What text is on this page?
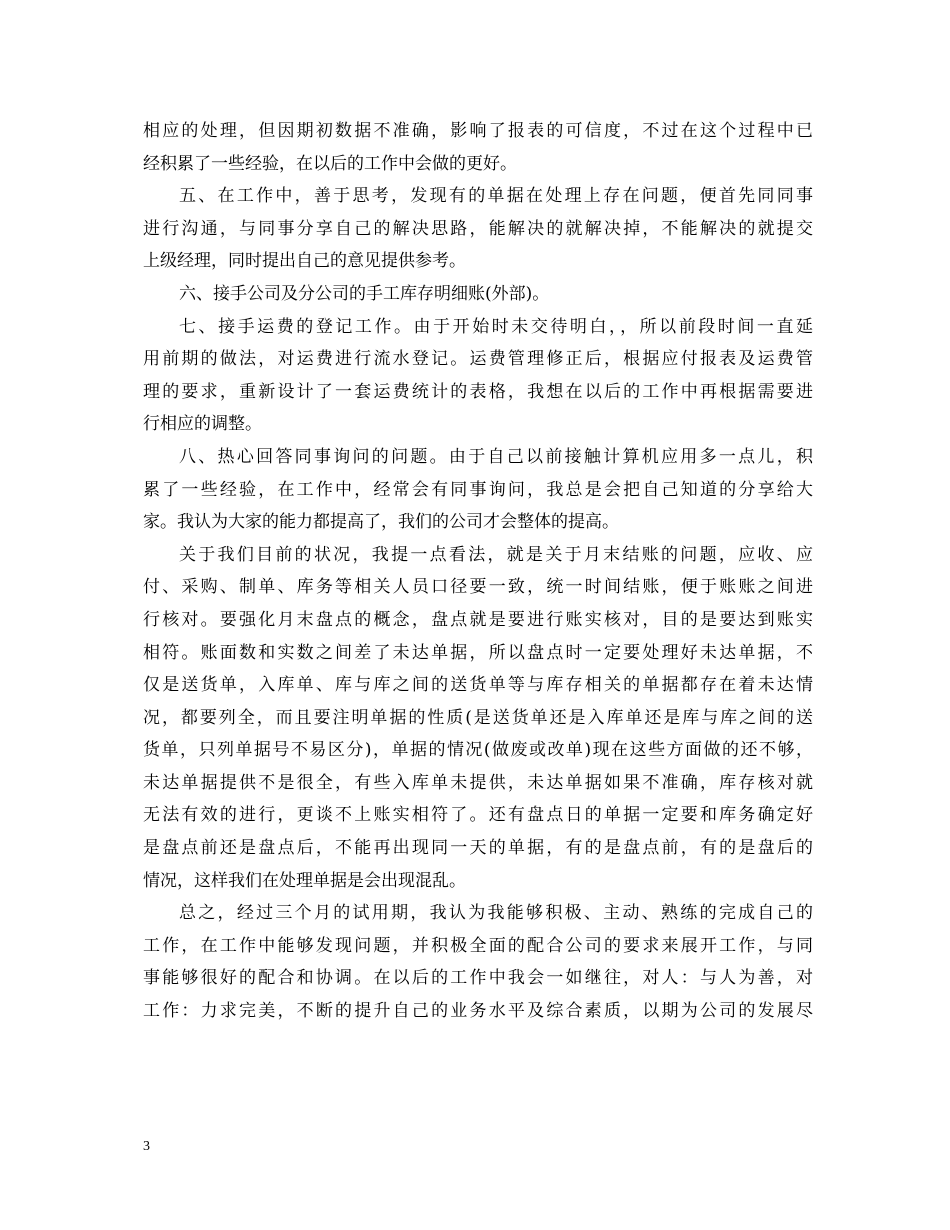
相应的处理，但因期初数据不准确，影响了报表的可信度，不过在这个过程中已
经积累了一些经验，在以后的工作中会做的更好。
五、在工作中，善于思考，发现有的单据在处理上存在问题，便首先同同事
进行沟通，与同事分享自己的解决思路，能解决的就解决掉，不能解决的就提交
上级经理，同时提出自己的意见提供参考。
六、接手公司及分公司的手工库存明细账(外部)。
七、接手运费的登记工作。由于开始时未交待明白，，所以前段时间一直延
用前期的做法，对运费进行流水登记。运费管理修正后，根据应付报表及运费管
理的要求，重新设计了一套运费统计的表格，我想在以后的工作中再根据需要进
行相应的调整。
八、热心回答同事询问的问题。由于自己以前接触计算机应用多一点儿，积
累了一些经验，在工作中，经常会有同事询问，我总是会把自己知道的分享给大
家。我认为大家的能力都提高了，我们的公司才会整体的提高。
关于我们目前的状况，我提一点看法，就是关于月末结账的问题，应收、应
付、采购、制单、库务等相关人员口径要一致，统一时间结账，便于账账之间进
行核对。要强化月末盘点的概念，盘点就是要进行账实核对，目的是要达到账实
相符。账面数和实数之间差了未达单据，所以盘点时一定要处理好未达单据，不
仅是送货单，入库单、库与库之间的送货单等与库存相关的单据都存在着未达情
况，都要列全，而且要注明单据的性质(是送货单还是入库单还是库与库之间的送
货单，只列单据号不易区分)，单据的情况(做废或改单)现在这些方面做的还不够，
未达单据提供不是很全，有些入库单未提供，未达单据如果不准确，库存核对就
无法有效的进行，更谈不上账实相符了。还有盘点日的单据一定要和库务确定好
是盘点前还是盘点后，不能再出现同一天的单据，有的是盘点前，有的是盘后的
情况，这样我们在处理单据是会出现混乱。
总之，经过三个月的试用期，我认为我能够积极、主动、熟练的完成自己的
工作，在工作中能够发现问题，并积极全面的配合公司的要求来展开工作，与同
事能够很好的配合和协调。在以后的工作中我会一如继往，对人：与人为善，对
工作：力求完美，不断的提升自己的业务水平及综合素质，以期为公司的发展尽
3
